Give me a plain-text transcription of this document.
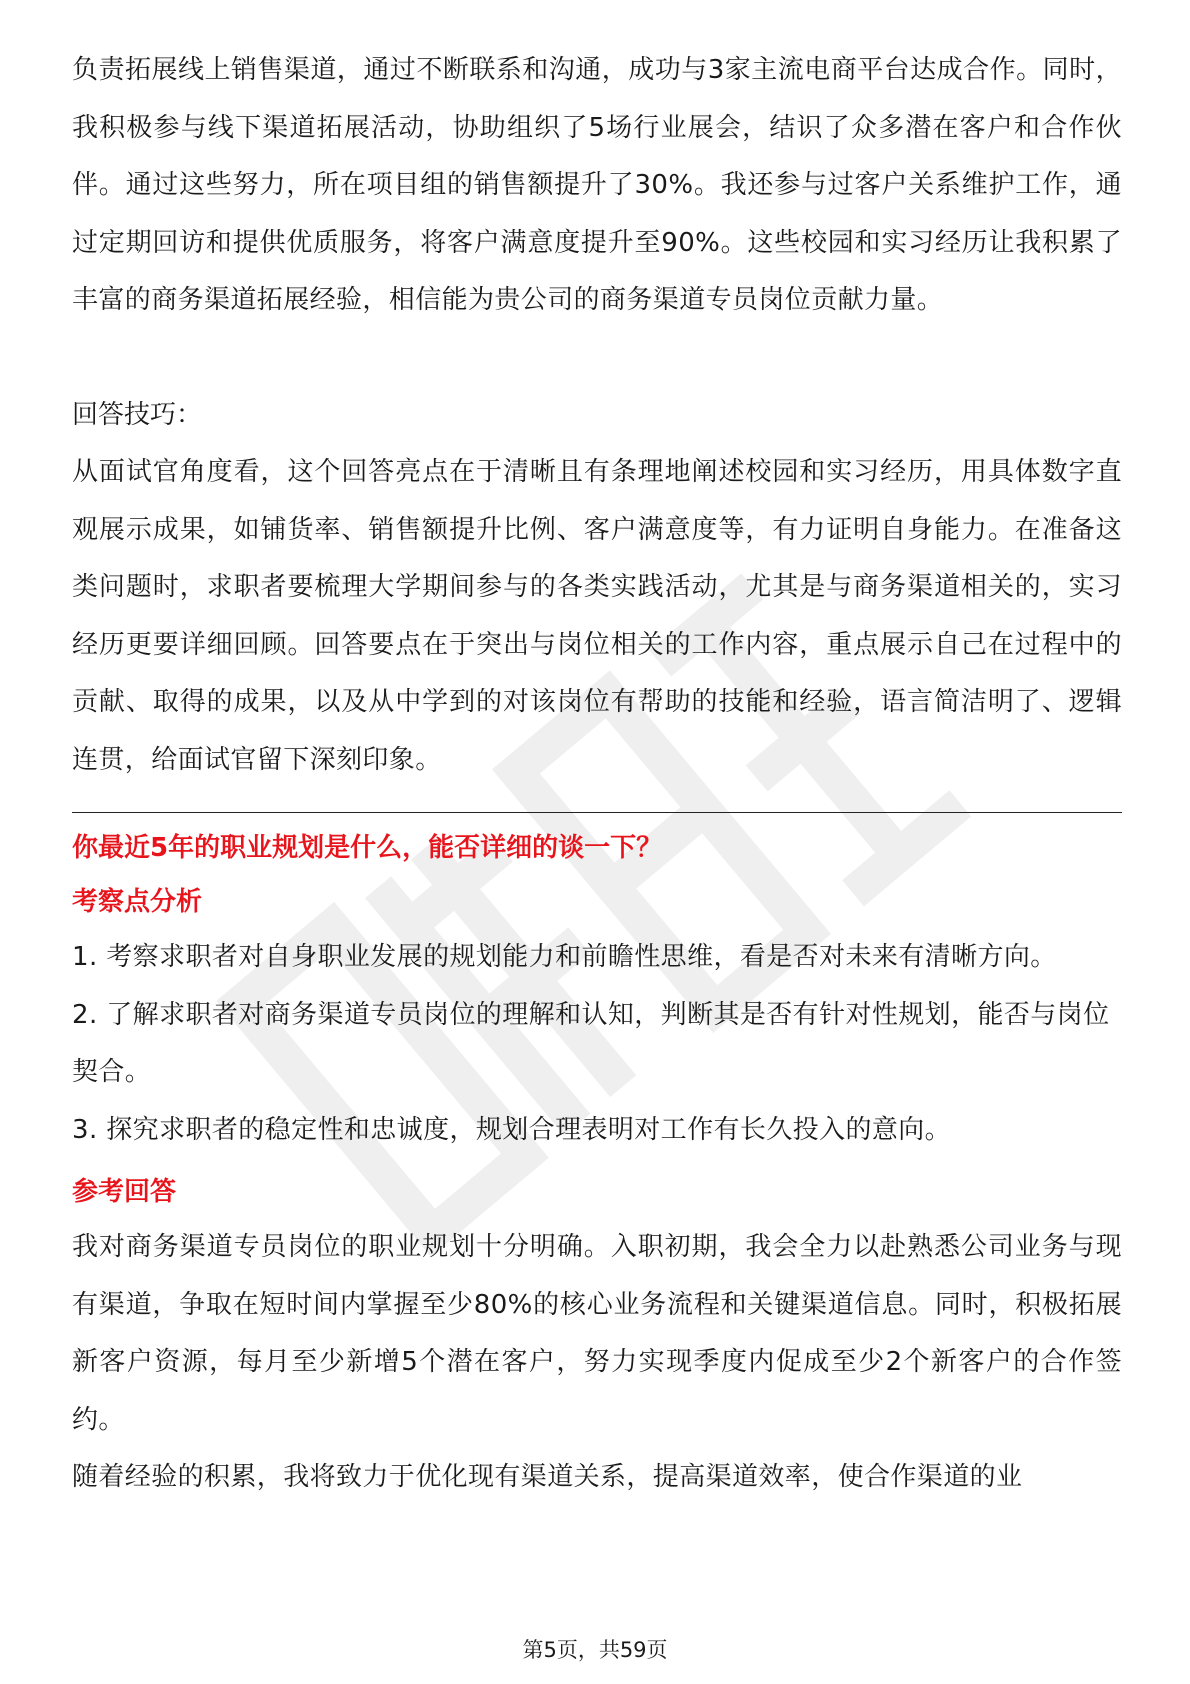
负责拓展线上销售渠道，通过不断联系和沟通，成功与3家主流电商平台达成合作。同时，我积极参与线下渠道拓展活动，协助组织了5场行业展会，结识了众多潜在客户和合作伙伴。通过这些努力，所在项目组的销售额提升了30%。我还参与过客户关系维护工作，通过定期回访和提供优质服务，将客户满意度提升至90%。这些校园和实习经历让我积累了丰富的商务渠道拓展经验，相信能为贵公司的商务渠道专员岗位贡献力量。

回答技巧：

从面试官角度看，这个回答亮点在于清晰且有条理地阐述校园和实习经历，用具体数字直观展示成果，如铺货率、销售额提升比例、客户满意度等，有力证明自身能力。在准备这类问题时，求职者要梳理大学期间参与的各类实践活动，尤其是与商务渠道相关的，实习经历更要详细回顾。回答要点在于突出与岗位相关的工作内容，重点展示自己在过程中的贡献、取得的成果，以及从中学到的对该岗位有帮助的技能和经验，语言简洁明了、逻辑连贯，给面试官留下深刻印象。

你最近5年的职业规划是什么，能否详细的谈一下？

考察点分析

1. 考察求职者对自身职业发展的规划能力和前瞻性思维，看是否对未来有清晰方向。

2. 了解求职者对商务渠道专员岗位的理解和认知，判断其是否有针对性规划，能否与岗位契合。

3. 探究求职者的稳定性和忠诚度，规划合理表明对工作有长久投入的意向。

参考回答

我对商务渠道专员岗位的职业规划十分明确。入职初期，我会全力以赴熟悉公司业务与现有渠道，争取在短时间内掌握至少80%的核心业务流程和关键渠道信息。同时，积极拓展新客户资源，每月至少新增5个潜在客户，努力实现季度内促成至少2个新客户的合作签约。

随着经验的积累，我将致力于优化现有渠道关系，提高渠道效率，使合作渠道的业

第5页，共59页
